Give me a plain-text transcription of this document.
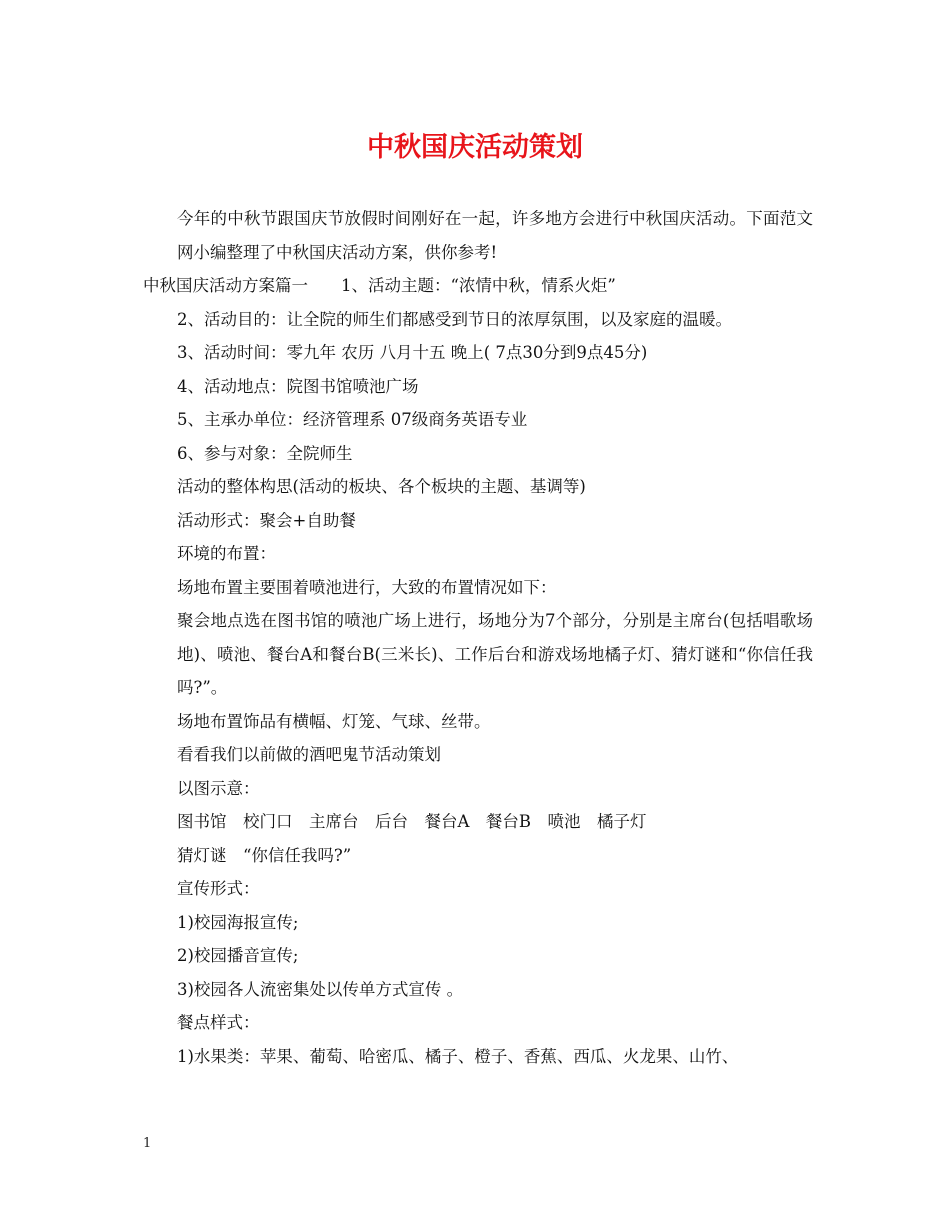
中秋国庆活动策划

今年的中秋节跟国庆节放假时间刚好在一起，许多地方会进行中秋国庆活动。下面范文网小编整理了中秋国庆活动方案，供你参考!

中秋国庆活动方案篇一　　1、活动主题：“浓情中秋，情系火炬”

2、活动目的：让全院的师生们都感受到节日的浓厚氛围，以及家庭的温暖。

3、活动时间：零九年 农历 八月十五 晚上( 7点30分到9点45分)

4、活动地点：院图书馆喷池广场

5、主承办单位：经济管理系 07级商务英语专业

6、参与对象：全院师生

活动的整体构思(活动的板块、各个板块的主题、基调等)

活动形式：聚会+自助餐

环境的布置：

场地布置主要围着喷池进行，大致的布置情况如下：

聚会地点选在图书馆的喷池广场上进行，场地分为7个部分，分别是主席台(包括唱歌场地)、喷池、餐台A和餐台B(三米长)、工作后台和游戏场地橘子灯、猜灯谜和“你信任我吗?”。

场地布置饰品有横幅、灯笼、气球、丝带。

看看我们以前做的酒吧鬼节活动策划

以图示意：

图书馆　校门口　主席台　后台　餐台A　餐台B　喷池　橘子灯

猜灯谜　“你信任我吗?”

宣传形式：

1)校园海报宣传;

2)校园播音宣传;

3)校园各人流密集处以传单方式宣传 。

餐点样式：

1)水果类：苹果、葡萄、哈密瓜、橘子、橙子、香蕉、西瓜、火龙果、山竹、

1
